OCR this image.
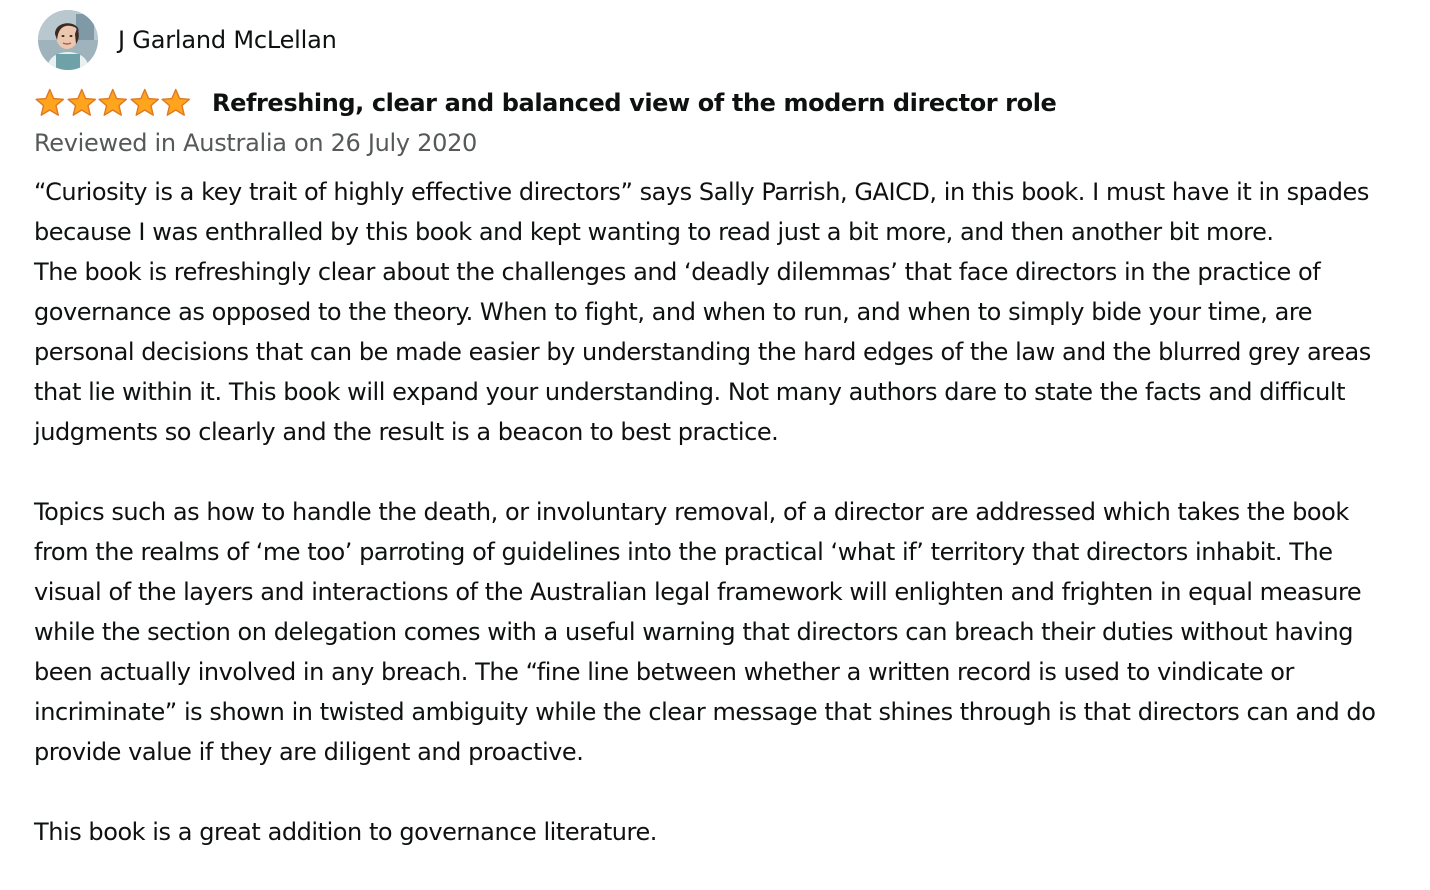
J Garland McLellan
Refreshing, clear and balanced view of the modern director role
Reviewed in Australia on 26 July 2020

“Curiosity is a key trait of highly effective directors” says Sally Parrish, GAICD, in this book. I must have it in spades because I was enthralled by this book and kept wanting to read just a bit more, and then another bit more.

The book is refreshingly clear about the challenges and ‘deadly dilemmas’ that face directors in the practice of governance as opposed to the theory. When to fight, and when to run, and when to simply bide your time, are personal decisions that can be made easier by understanding the hard edges of the law and the blurred grey areas that lie within it. This book will expand your understanding. Not many authors dare to state the facts and difficult judgments so clearly and the result is a beacon to best practice.

Topics such as how to handle the death, or involuntary removal, of a director are addressed which takes the book from the realms of ‘me too’ parroting of guidelines into the practical ‘what if’ territory that directors inhabit. The visual of the layers and interactions of the Australian legal framework will enlighten and frighten in equal measure while the section on delegation comes with a useful warning that directors can breach their duties without having been actually involved in any breach. The “fine line between whether a written record is used to vindicate or incriminate” is shown in twisted ambiguity while the clear message that shines through is that directors can and do provide value if they are diligent and proactive.

This book is a great addition to governance literature.
